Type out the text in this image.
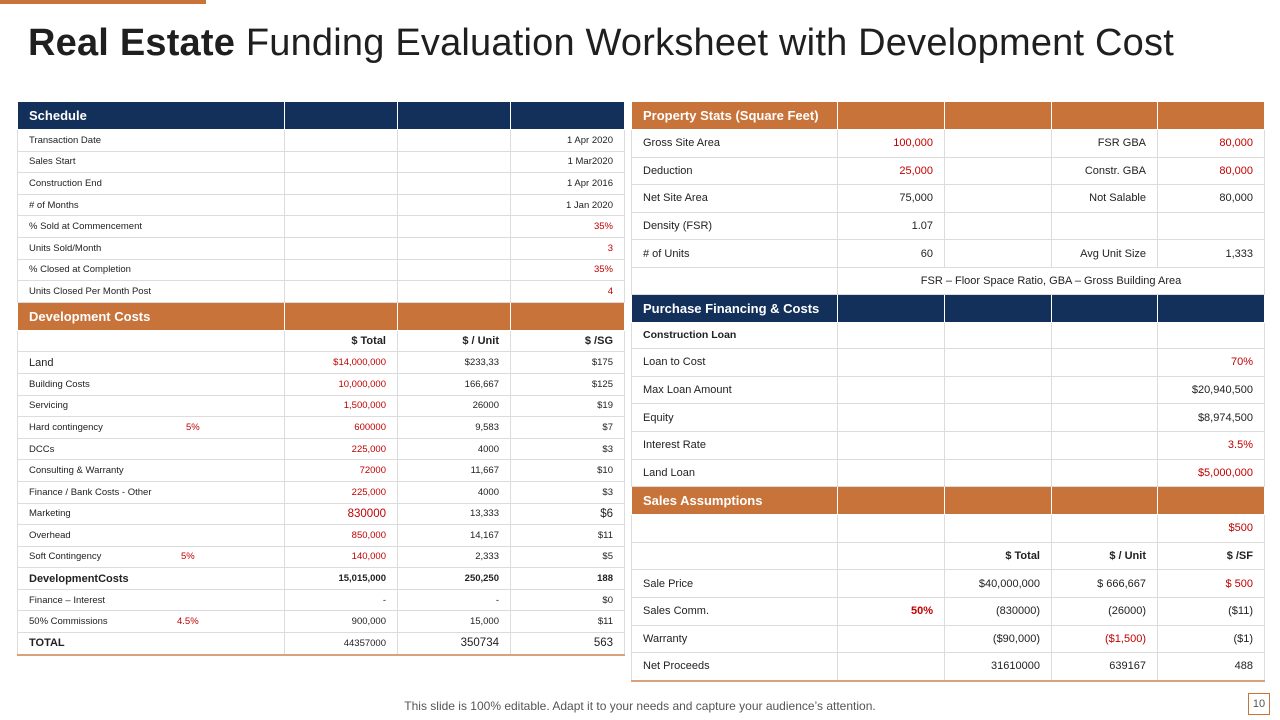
Real Estate Funding Evaluation Worksheet with Development Cost
Schedule			
Transaction Date			1 Apr 2020
Sales Start			1 Mar2020
Construction End			1 Apr 2016
# of Months			1 Jan 2020
% Sold at Commencement			35%
Units Sold/Month			3
% Closed at Completion			35%
Units Closed Per Month Post			4
Development Costs			
	$ Total	$ / Unit	$ /SG
Land	$14,000,000	$233,33	$175
Building Costs	10,000,000	166,667	$125
Servicing	1,500,000	26000	$19
Hard contingency 5%	600000	9,583	$7
DCCs	225,000	4000	$3
Consulting & Warranty	72000	11,667	$10
Finance / Bank Costs - Other	225,000	4000	$3
Marketing	830000	13,333	$6
Overhead	850,000	14,167	$11
Soft Contingency 5%	140,000	2,333	$5
DevelopmentCosts	15,015,000	250,250	188
Finance – Interest	-	-	$0
50% Commissions 4.5%	900,000	15,000	$11
TOTAL	44357000	350734	563
Property Stats (Square Feet)				
Gross Site Area	100,000		FSR GBA	80,000
Deduction	25,000		Constr. GBA	80,000
Net Site Area	75,000		Not Salable	80,000
Density (FSR)	1.07			
# of Units	60		Avg Unit Size	1,333
	FSR – Floor Space Ratio, GBA – Gross Building Area			
Purchase Financing & Costs				
Construction Loan				
Loan to Cost				70%
Max Loan Amount				$20,940,500
Equity				$8,974,500
Interest Rate				3.5%
Land Loan				$5,000,000
Sales Assumptions				
				$500
		$ Total	$ / Unit	$ /SF
Sale Price		$40,000,000	$ 666,667	$ 500
Sales Comm.	50%	(830000)	(26000)	($11)
Warranty		($90,000)	($1,500)	($1)
Net Proceeds		31610000	639167	488
This slide is 100% editable. Adapt it to your needs and capture your audience’s attention.	10
